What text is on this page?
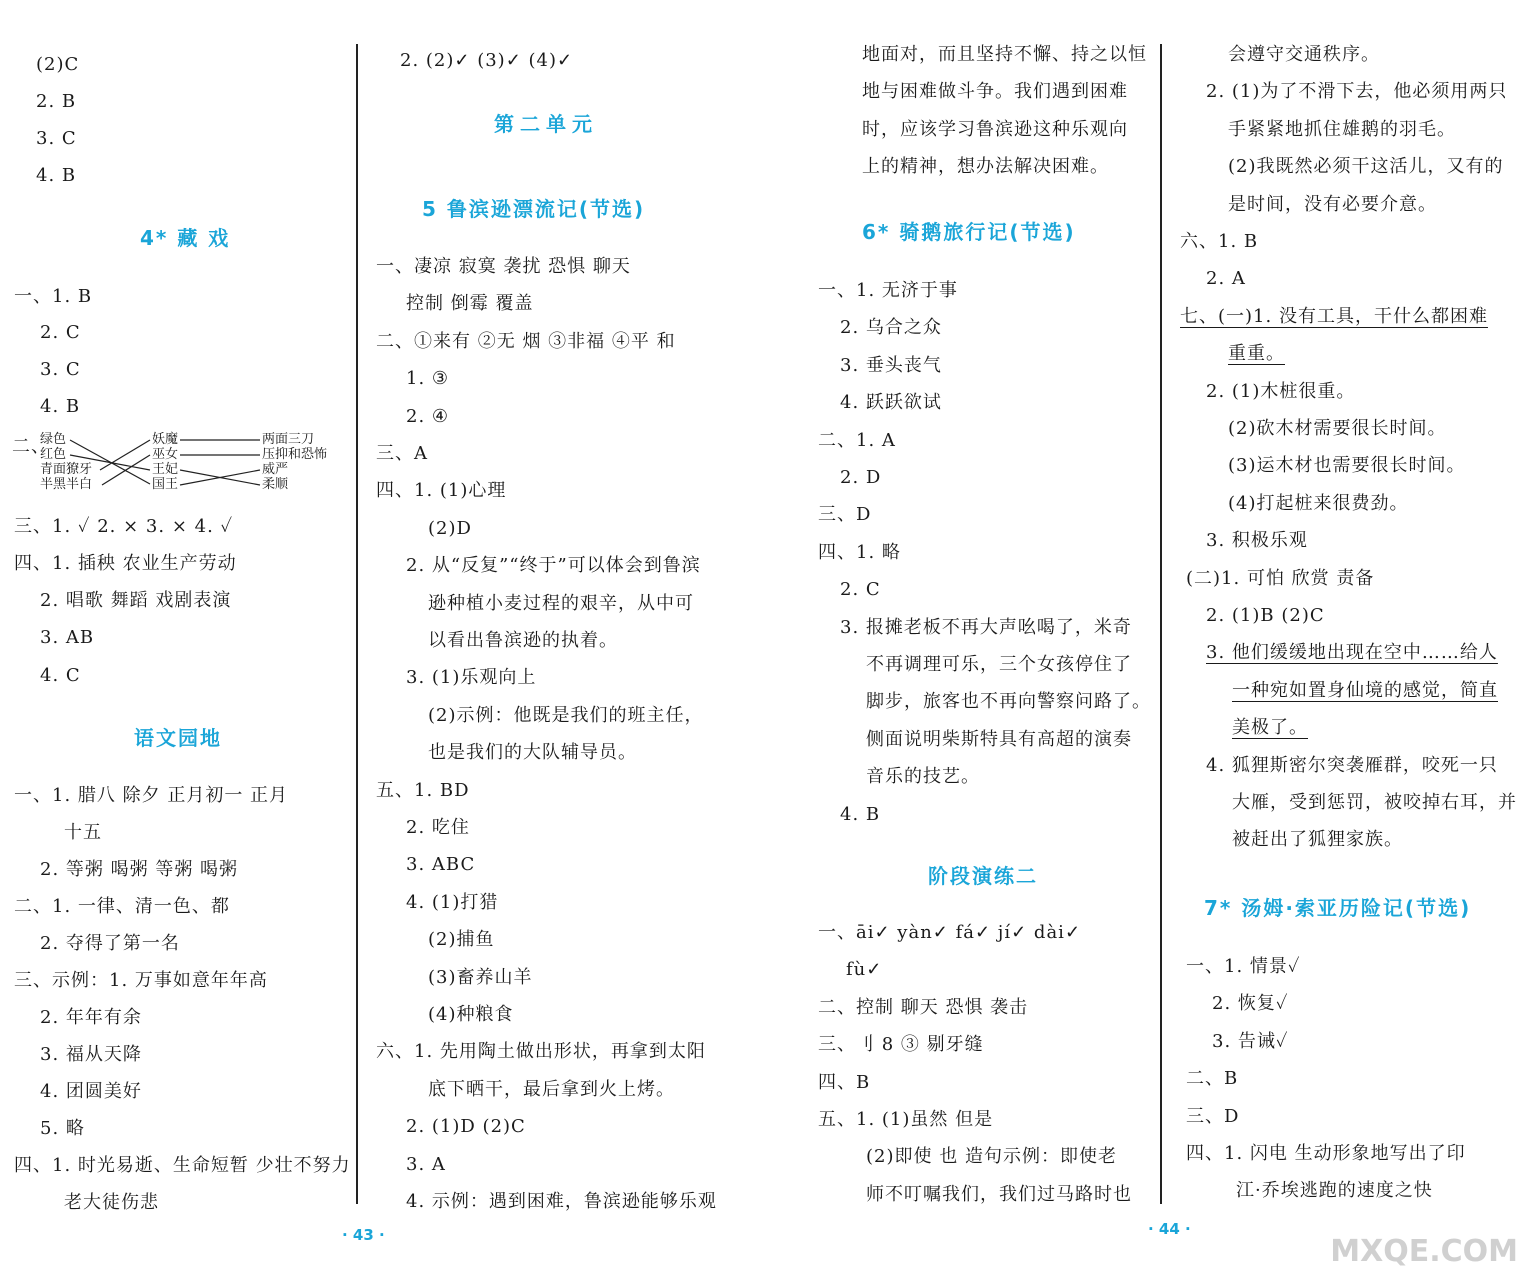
(2)C
2. B
3. C
4. B
4* 藏 戏
一、1. B
2. C
3. C
4. B
二、
绿色
红色
青面獠牙
半黑半白
妖魔
巫女
王妃
国王
两面三刀
压抑和恐怖
威严
柔顺
三、1. ✓ 2. × 3. × 4. ✓
四、1. 插秧 农业生产劳动
2. 唱歌 舞蹈 戏剧表演
3. AB
4. C
语文园地
一、1. 腊八 除夕 正月初一 正月
十五
2. 等粥 喝粥 等粥 喝粥
二、1. 一律、清一色、都
2. 夺得了第一名
三、示例：1. 万事如意年年高
2. 年年有余
3. 福从天降
4. 团圆美好
5. 略
四、1. 时光易逝、生命短暂 少壮不努力
老大徒伤悲
2. (2)✓ (3)✓ (4)✓
第二单元
5 鲁滨逊漂流记(节选)
一、凄凉 寂寞 袭扰 恐惧 聊天
控制 倒霉 覆盖
二、①来有 ②无 烟 ③非福 ④平 和
1. ③
2. ④
三、A
四、1. (1)心理
(2)D
2. 从“反复”“终于”可以体会到鲁滨
逊种植小麦过程的艰辛，从中可
以看出鲁滨逊的执着。
3. (1)乐观向上
(2)示例：他既是我们的班主任，
也是我们的大队辅导员。
五、1. BD
2. 吃住
3. ABC
4. (1)打猎
(2)捕鱼
(3)畜养山羊
(4)种粮食
六、1. 先用陶土做出形状，再拿到太阳
底下晒干，最后拿到火上烤。
2. (1)D (2)C
3. A
4. 示例：遇到困难，鲁滨逊能够乐观
· 43 ·
地面对，而且坚持不懈、持之以恒
地与困难做斗争。我们遇到困难
时，应该学习鲁滨逊这种乐观向
上的精神，想办法解决困难。
6* 骑鹅旅行记(节选)
一、1. 无济于事
2. 乌合之众
3. 垂头丧气
4. 跃跃欲试
二、1. A
2. D
三、D
四、1. 略
2. C
3. 报摊老板不再大声吆喝了，米奇
不再调理可乐，三个女孩停住了
脚步，旅客也不再向警察问路了。
侧面说明柴斯特具有高超的演奏
音乐的技艺。
4. B
阶段演练二
一、āi✓ yàn✓ fá✓ jí✓ dài✓
fù✓
二、控制 聊天 恐惧 袭击
三、刂 8 ③ 剔牙缝
四、B
五、1. (1)虽然 但是
(2)即使 也 造句示例：即使老
师不叮嘱我们，我们过马路时也
会遵守交通秩序。
2. (1)为了不滑下去，他必须用两只
手紧紧地抓住雄鹅的羽毛。
(2)我既然必须干这活儿，又有的
是时间，没有必要介意。
六、1. B
2. A
七、(一)1. 没有工具，干什么都困难
重重。
2. (1)木桩很重。
(2)砍木材需要很长时间。
(3)运木材也需要很长时间。
(4)打起桩来很费劲。
3. 积极乐观
(二)1. 可怕 欣赏 责备
2. (1)B (2)C
3. 他们缓缓地出现在空中……给人
一种宛如置身仙境的感觉，简直
美极了。
4. 狐狸斯密尔突袭雁群，咬死一只
大雁，受到惩罚，被咬掉右耳，并
被赶出了狐狸家族。
7* 汤姆·索亚历险记(节选)
一、1. 情景✓
2. 恢复✓
3. 告诫✓
二、B
三、D
四、1. 闪电 生动形象地写出了印
江·乔埃逃跑的速度之快
· 44 ·
MXQE.COM
